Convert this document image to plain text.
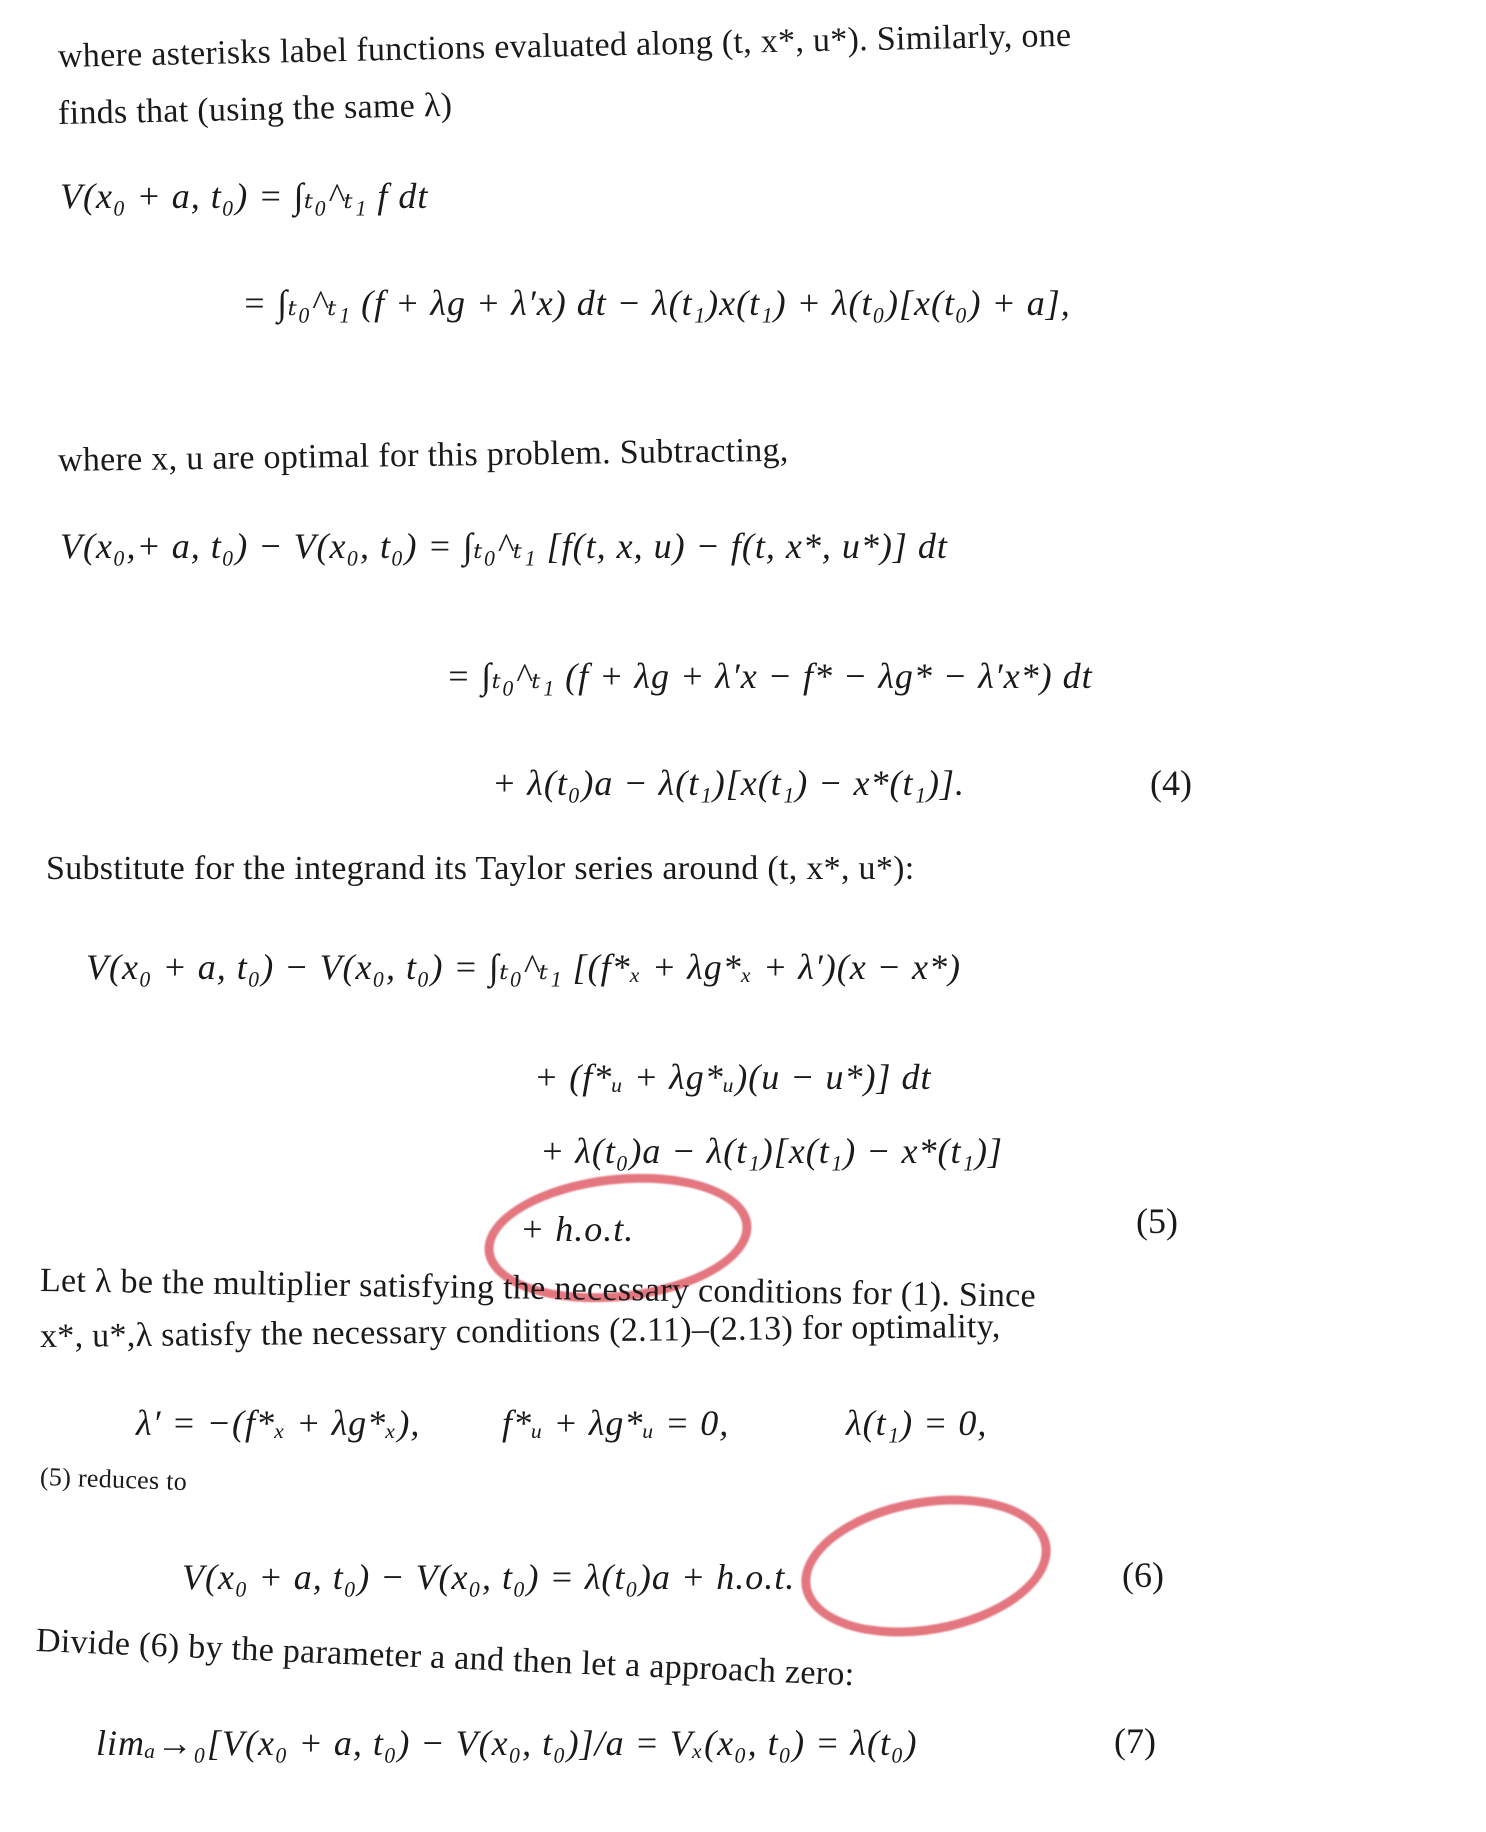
where asterisks label functions evaluated along (t, x*, u*). Similarly, one
finds that (using the same λ)
V(x₀ + a, t₀) = ∫ₜ₀^ₜ₁ f dt
= ∫ₜ₀^ₜ₁ (f + λg + λ′x) dt − λ(t₁)x(t₁) + λ(t₀)[x(t₀) + a],
where x, u are optimal for this problem. Subtracting,
V(x₀,+ a, t₀) − V(x₀, t₀) = ∫ₜ₀^ₜ₁ [f(t, x, u) − f(t, x*, u*)] dt
= ∫ₜ₀^ₜ₁ (f + λg + λ′x − f* − λg* − λ′x*) dt
+ λ(t₀)a − λ(t₁)[x(t₁) − x*(t₁)].	(4)
Substitute for the integrand its Taylor series around (t, x*, u*):
V(x₀ + a, t₀) − V(x₀, t₀) = ∫ₜ₀^ₜ₁ [(f*ₓ + λg*ₓ + λ′)(x − x*)
+ (f*ᵤ + λg*ᵤ)(u − u*)] dt
+ λ(t₀)a − λ(t₁)[x(t₁) − x*(t₁)]
+ h.o.t.	(5)
Let λ be the multiplier satisfying the necessary conditions for (1). Since
x*, u*,λ satisfy the necessary conditions (2.11)–(2.13) for optimality,
λ′ = −(f*ₓ + λg*ₓ), f*ᵤ + λg*ᵤ = 0,	λ(t₁) = 0,
(5) reduces to
V(x₀ + a, t₀) − V(x₀, t₀) = λ(t₀)a + h.o.t.	(6)
Divide (6) by the parameter a and then let a approach zero:
limₐ→₀[V(x₀ + a, t₀) − V(x₀, t₀)]/a = Vₓ(x₀, t₀) = λ(t₀)	(7)
